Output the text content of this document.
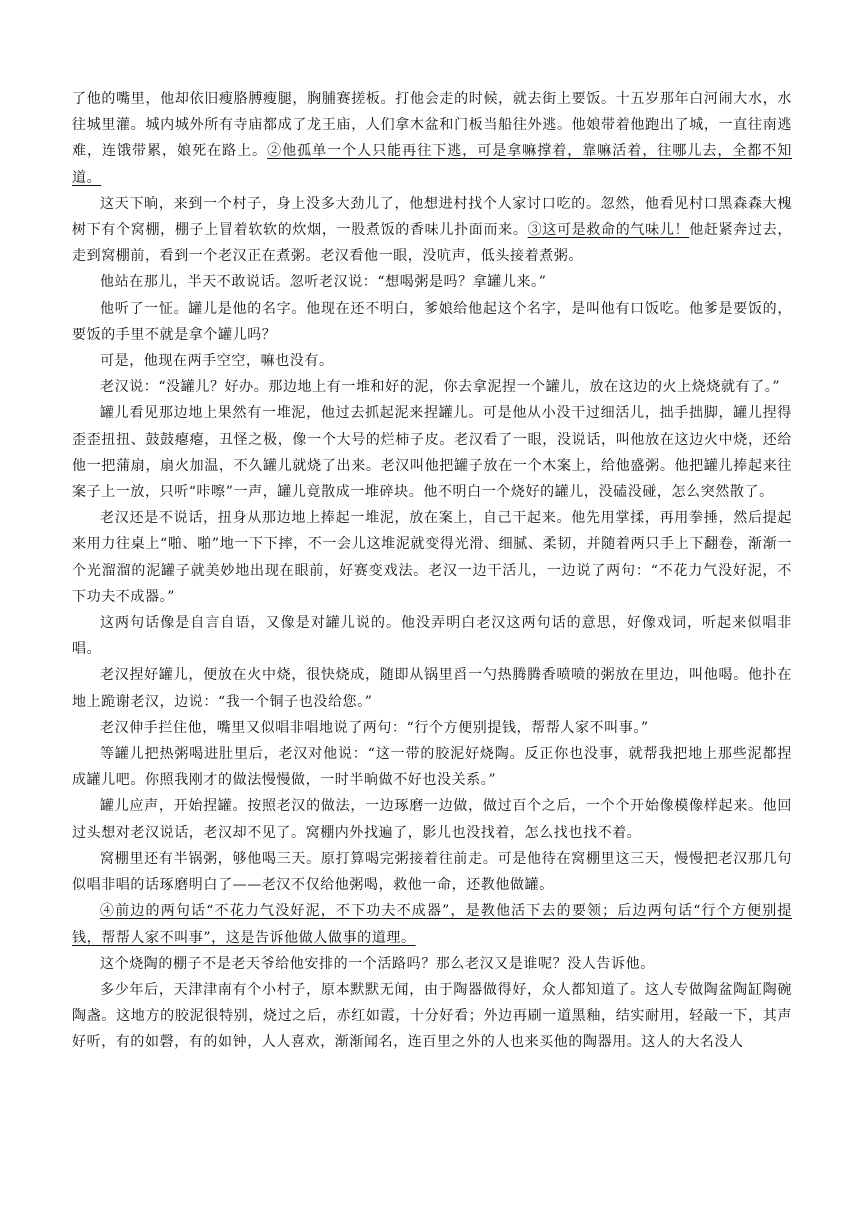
了他的嘴里，他却依旧瘦胳膊瘦腿，胸脯赛搓板。打他会走的时候，就去街上要饭。十五岁那年白河闹大水，水往城里灌。城内城外所有寺庙都成了龙王庙，人们拿木盆和门板当船往外逃。他娘带着他跑出了城，一直往南逃难，连饿带累，娘死在路上。②他孤单一个人只能再往下逃，可是拿嘛撑着，靠嘛活着，往哪儿去，全都不知道。

这天下晌，来到一个村子，身上没多大劲儿了，他想进村找个人家讨口吃的。忽然，他看见村口黑森森大槐树下有个窝棚，棚子上冒着软软的炊烟，一股煮饭的香味儿扑面而来。③这可是救命的气味儿！他赶紧奔过去，走到窝棚前，看到一个老汉正在煮粥。老汉看他一眼，没吭声，低头接着煮粥。

他站在那儿，半天不敢说话。忽听老汉说：“想喝粥是吗？拿罐儿来。”

他听了一怔。罐儿是他的名字。他现在还不明白，爹娘给他起这个名字，是叫他有口饭吃。他爹是要饭的，要饭的手里不就是拿个罐儿吗？

可是，他现在两手空空，嘛也没有。

老汉说：“没罐儿？好办。那边地上有一堆和好的泥，你去拿泥捏一个罐儿，放在这边的火上烧烧就有了。”

罐儿看见那边地上果然有一堆泥，他过去抓起泥来捏罐儿。可是他从小没干过细活儿，拙手拙脚，罐儿捏得歪歪扭扭、鼓鼓瘪瘪，丑怪之极，像一个大号的烂柿子皮。老汉看了一眼，没说话，叫他放在这边火中烧，还给他一把蒲扇，扇火加温，不久罐儿就烧了出来。老汉叫他把罐子放在一个木案上，给他盛粥。他把罐儿捧起来往案子上一放，只听“咔嚓”一声，罐儿竟散成一堆碎块。他不明白一个烧好的罐儿，没磕没碰，怎么突然散了。

老汉还是不说话，扭身从那边地上捧起一堆泥，放在案上，自己干起来。他先用掌揉，再用拳捶，然后提起来用力往桌上“啪、啪”地一下下摔，不一会儿这堆泥就变得光滑、细腻、柔韧，并随着两只手上下翻卷，渐渐一个光溜溜的泥罐子就美妙地出现在眼前，好赛变戏法。老汉一边干活儿，一边说了两句：“不花力气没好泥，不下功夫不成器。”

这两句话像是自言自语，又像是对罐儿说的。他没弄明白老汉这两句话的意思，好像戏词，听起来似唱非唱。

老汉捏好罐儿，便放在火中烧，很快烧成，随即从锅里舀一勺热腾腾香喷喷的粥放在里边，叫他喝。他扑在地上跪谢老汉，边说：“我一个铜子也没给您。”

老汉伸手拦住他，嘴里又似唱非唱地说了两句：“行个方便别提钱，帮帮人家不叫事。”

等罐儿把热粥喝进肚里后，老汉对他说：“这一带的胶泥好烧陶。反正你也没事，就帮我把地上那些泥都捏成罐儿吧。你照我刚才的做法慢慢做，一时半晌做不好也没关系。”

罐儿应声，开始捏罐。按照老汉的做法，一边琢磨一边做，做过百个之后，一个个开始像模像样起来。他回过头想对老汉说话，老汉却不见了。窝棚内外找遍了，影儿也没找着，怎么找也找不着。

窝棚里还有半锅粥，够他喝三天。原打算喝完粥接着往前走。可是他待在窝棚里这三天，慢慢把老汉那几句似唱非唱的话琢磨明白了——老汉不仅给他粥喝，救他一命，还教他做罐。

④前边的两句话“不花力气没好泥，不下功夫不成器”，是教他活下去的要领；后边两句话“行个方便别提钱，帮帮人家不叫事”，这是告诉他做人做事的道理。

这个烧陶的棚子不是老天爷给他安排的一个活路吗？那么老汉又是谁呢？没人告诉他。

多少年后，天津津南有个小村子，原本默默无闻，由于陶器做得好，众人都知道了。这人专做陶盆陶缸陶碗陶盏。这地方的胶泥很特别，烧过之后，赤红如霞，十分好看；外边再刷一道黑釉，结实耐用，轻敲一下，其声好听，有的如磬，有的如钟，人人喜欢，渐渐闻名，连百里之外的人也来买他的陶器用。这人的大名没人
